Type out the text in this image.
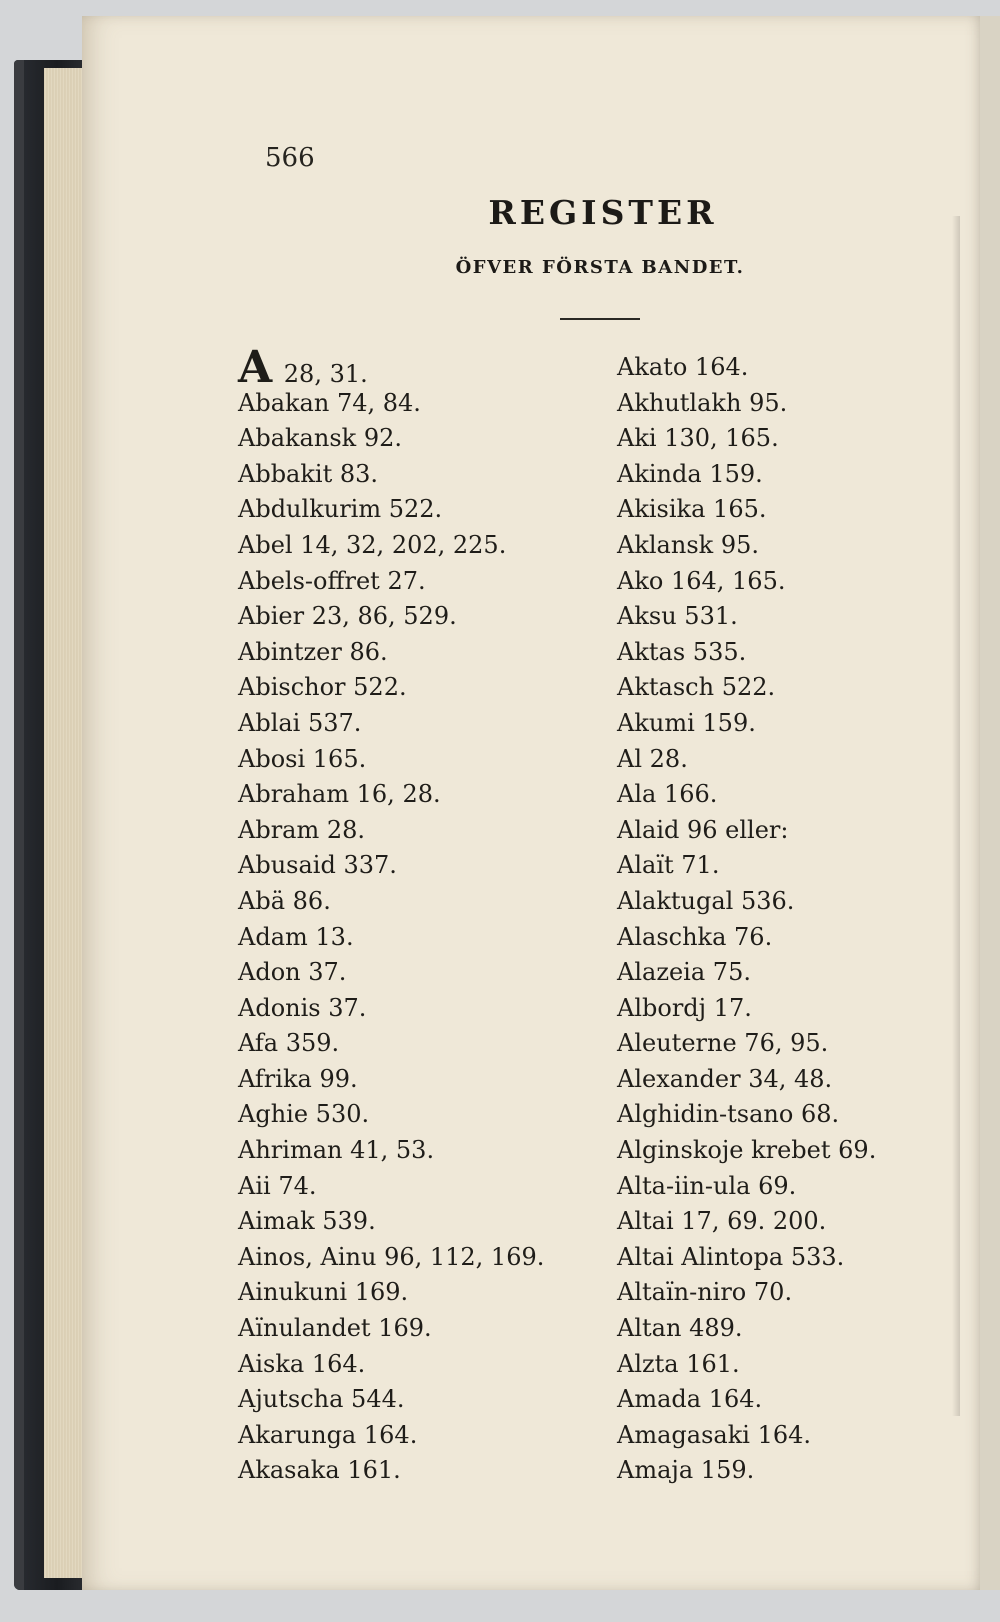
566
REGISTER
ÖFVER FÖRSTA BANDET.
A 28, 31.
Abakan 74, 84.
Abakansk 92.
Abbakit 83.
Abdulkurim 522.
Abel 14, 32, 202, 225.
Abels-offret 27.
Abier 23, 86, 529.
Abintzer 86.
Abischor 522.
Ablai 537.
Abosi 165.
Abraham 16, 28.
Abram 28.
Abusaid 337.
Abä 86.
Adam 13.
Adon 37.
Adonis 37.
Afa 359.
Afrika 99.
Aghie 530.
Ahriman 41, 53.
Aii 74.
Aimak 539.
Ainos, Ainu 96, 112, 169.
Ainukuni 169.
Aïnulandet 169.
Aiska 164.
Ajutscha 544.
Akarunga 164.
Akasaka 161.
Akato 164.
Akhutlakh 95.
Aki 130, 165.
Akinda 159.
Akisika 165.
Aklansk 95.
Ako 164, 165.
Aksu 531.
Aktas 535.
Aktasch 522.
Akumi 159.
Al 28.
Ala 166.
Alaid 96 eller:
Alaït 71.
Alaktugal 536.
Alaschka 76.
Alazeia 75.
Albordj 17.
Aleuterne 76, 95.
Alexander 34, 48.
Alghidin-tsano 68.
Alginskoje krebet 69.
Alta-iin-ula 69.
Altai 17, 69. 200.
Altai Alintopa 533.
Altaïn-niro 70.
Altan 489.
Alzta 161.
Amada 164.
Amagasaki 164.
Amaja 159.
